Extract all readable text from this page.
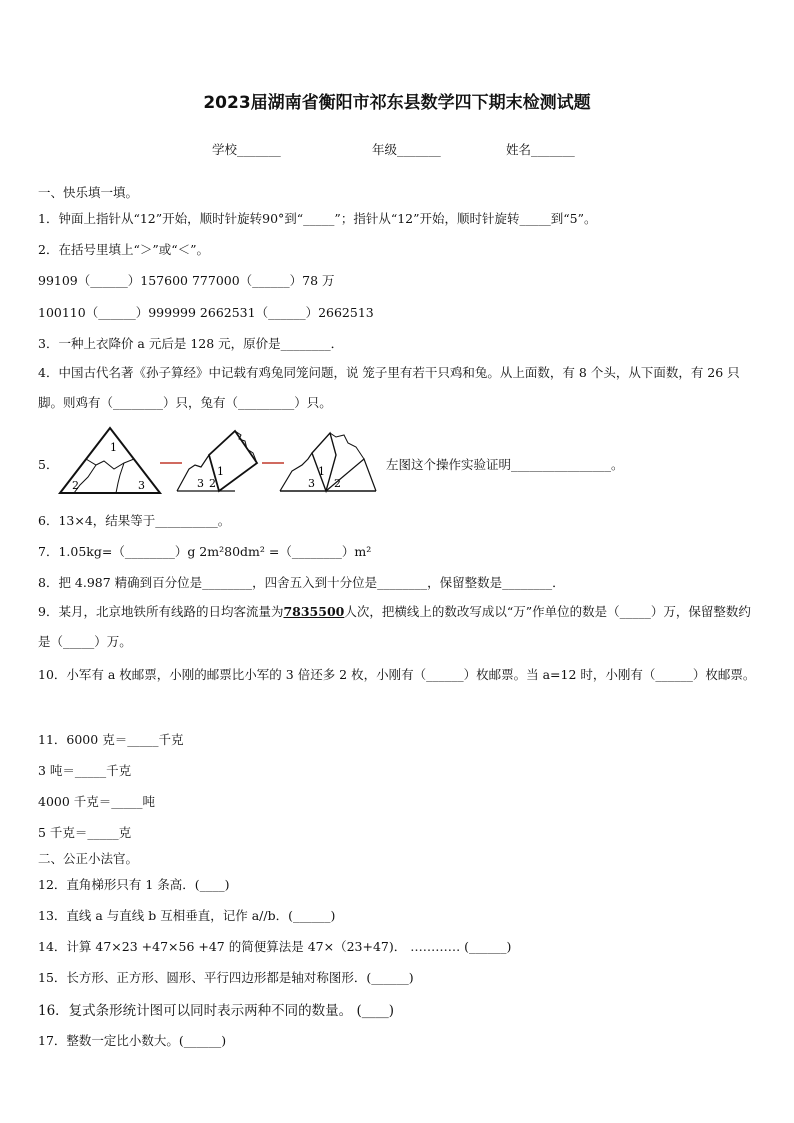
2023届湖南省衡阳市祁东县数学四下期末检测试题
学校_______	年级_______	姓名_______
一、快乐填一填。
1．钟面上指针从“12”开始，顺时针旋转90°到“_____”；指针从“12”开始，顺时针旋转_____到“5”。
2．在括号里填上“＞”或“＜”。
99109（______）157600 777000（______）78 万
100110（______）999999 2662531（______）2662513
3．一种上衣降价 a 元后是 128 元，原价是________．
4．中国古代名著《孙子算经》中记载有鸡兔同笼问题，说 笼子里有若干只鸡和兔。从上面数，有 8 个头，从下面数，有 26 只脚。则鸡有（________）只，兔有（_________）只。
5．
1
2	3
1
3 2
1
3 2
左图这个操作实验证明________________。
6．13×4，结果等于__________。
7．1.05kg=（________）g 2m²80dm² =（________）m²
8．把 4.987 精确到百分位是________，四舍五入到十分位是________，保留整数是________．
9．某月，北京地铁所有线路的日均客流量为7835500人次，把横线上的数改写成以“万”作单位的数是（_____）万，保留整数约是（_____）万。
10．小军有 a 枚邮票，小刚的邮票比小军的 3 倍还多 2 枚，小刚有（______）枚邮票。当 a=12 时，小刚有（______）枚邮票。
11．6000 克＝_____千克
3 吨＝_____千克
4000 千克＝_____吨
5 千克＝_____克
二、公正小法官。
12．直角梯形只有 1 条高．(____)
13．直线 a 与直线 b 互相垂直，记作 a//b．(______)
14．计算 47×23 +47×56 +47 的简便算法是 47×（23+47)． ………… (______)
15．长方形、正方形、圆形、平行四边形都是轴对称图形．(______)
16．复式条形统计图可以同时表示两种不同的数量。 (____)
17．整数一定比小数大。(______)
